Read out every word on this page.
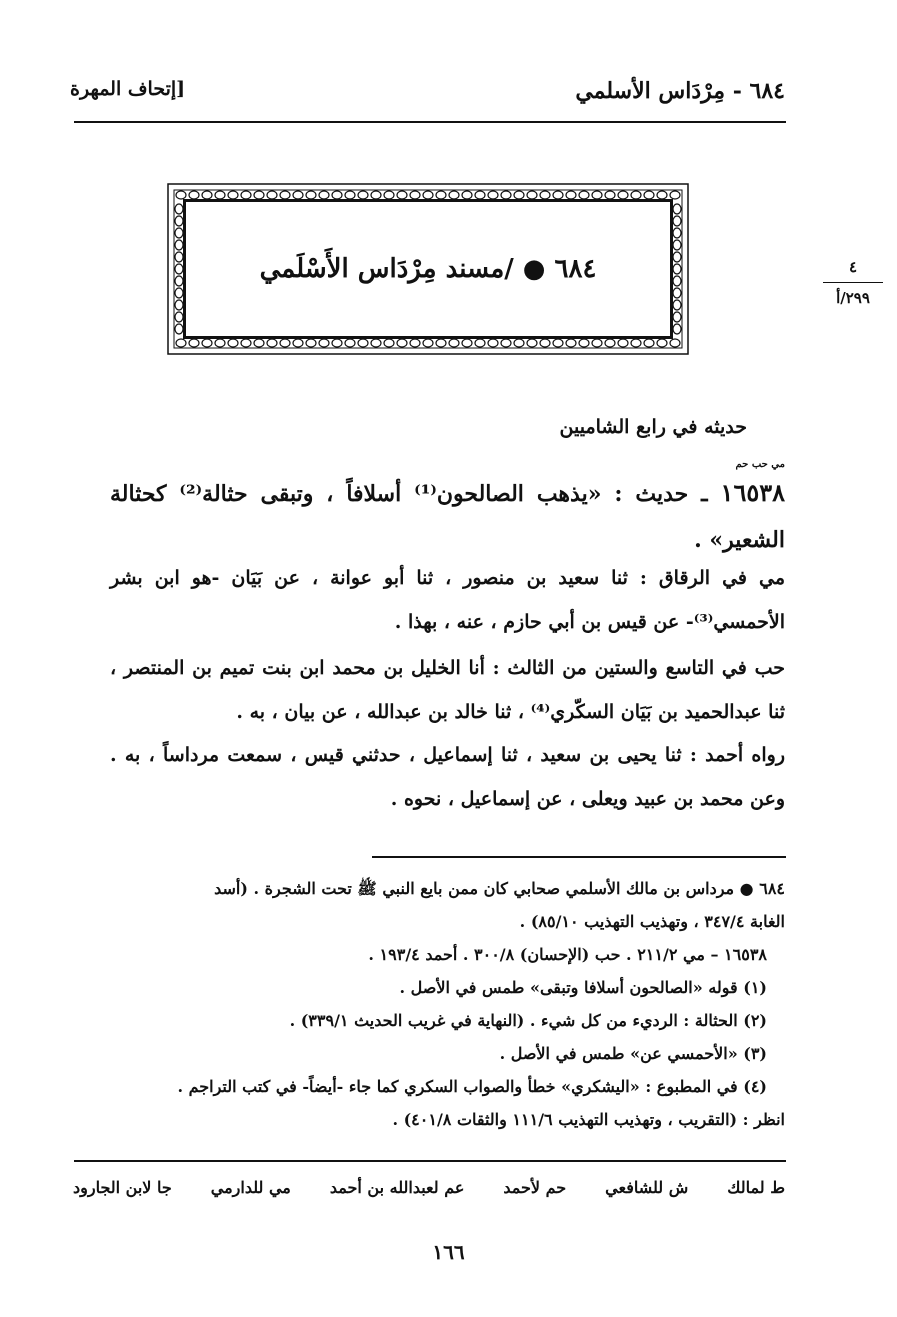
٦٨٤ - مِرْدَاس الأسلمي
[إتحاف المهرة
٦٨٤ ● /مسند مِرْدَاس الأَسْلَمي	٤
٢٩٩/أ
حديثه في رابع الشاميين
مي حب حم
١٦٥٣٨ ـ حديث : «يذهب الصالحون⁽¹⁾ أسلافاً ، وتبقى حثالة⁽²⁾ كحثالة الشعير» .
مي في الرقاق : ثنا سعيد بن منصور ، ثنا أبو عوانة ، عن بَيَان -هو ابن بشر الأحمسي⁽³⁾- عن قيس بن أبي حازم ، عنه ، بهذا .
حب في التاسع والستين من الثالث : أنا الخليل بن محمد ابن بنت تميم بن المنتصر ، ثنا عبدالحميد بن بَيَان السكّري⁽⁴⁾ ، ثنا خالد بن عبدالله ، عن بيان ، به .
رواه أحمد : ثنا يحيى بن سعيد ، ثنا إسماعيل ، حدثني قيس ، سمعت مرداساً ، به . وعن محمد بن عبيد ويعلى ، عن إسماعيل ، نحوه .
٦٨٤ ● مرداس بن مالك الأسلمي صحابي كان ممن بايع النبي ﷺ تحت الشجرة . (أسد
الغابة ٣٤٧/٤ ، وتهذيب التهذيب ٨٥/١٠) .
١٦٥٣٨ – مي ٢١١/٢ . حب (الإحسان) ٣٠٠/٨ . أحمد ١٩٣/٤ .
(١) قوله «الصالحون أسلافا وتبقى» طمس في الأصل .
(٢) الحثالة : الرديء من كل شيء . (النهاية في غريب الحديث ٣٣٩/١) .
(٣) «الأحمسي عن» طمس في الأصل .
(٤) في المطبوع : «اليشكري» خطأ والصواب السكري كما جاء -أيضاً- في كتب التراجم .
انظر : (التقريب ، وتهذيب التهذيب ١١١/٦ والثقات ٤٠١/٨) .
ط لمالك
ش للشافعي
حم لأحمد
عم لعبدالله بن أحمد
مي للدارمي
جا لابن الجارود
١٦٦
